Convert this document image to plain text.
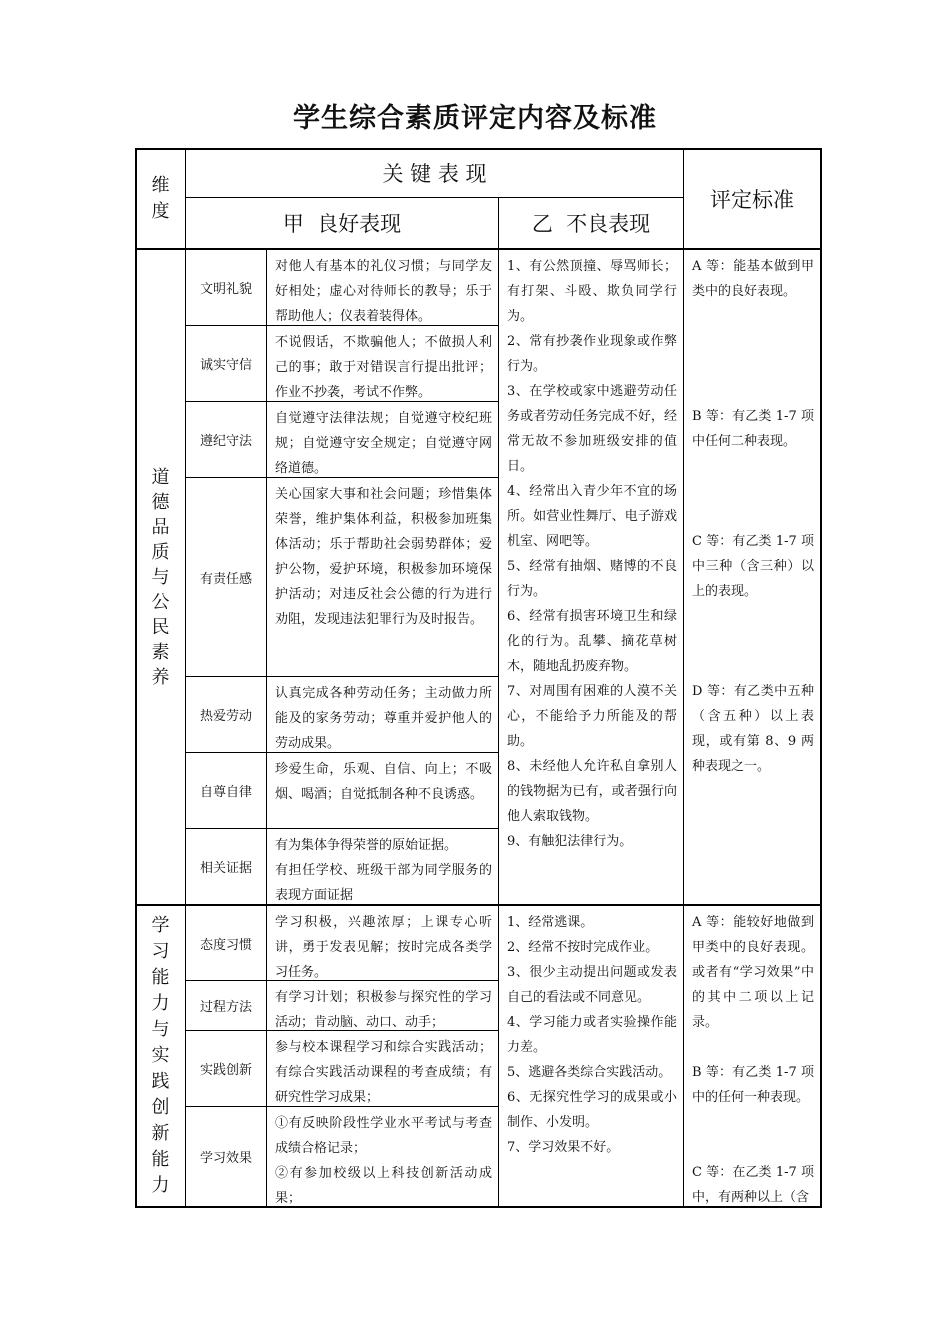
学生综合素质评定内容及标准
维
度
关 键 表 现
甲  良好表现	乙  不良表现
评定标准
道
德
品
质
与
公
民
素
养
文明礼貌
对他人有基本的礼仪习惯；与同学友好相处；虚心对待师长的教导；乐于帮助他人；仪表着装得体。
诚实守信
不说假话，不欺骗他人；不做损人利己的事；敢于对错误言行提出批评；作业不抄袭，考试不作弊。
遵纪守法
自觉遵守法律法规；自觉遵守校纪班规；自觉遵守安全规定；自觉遵守网络道德。
有责任感
关心国家大事和社会问题；珍惜集体荣誉，维护集体利益，积极参加班集体活动；乐于帮助社会弱势群体；爱护公物，爱护环境，积极参加环境保护活动；对违反社会公德的行为进行劝阻，发现违法犯罪行为及时报告。
热爱劳动
认真完成各种劳动任务；主动做力所能及的家务劳动；尊重并爱护他人的劳动成果。
自尊自律
珍爱生命，乐观、自信、向上；不吸烟、喝酒；自觉抵制各种不良诱惑。
相关证据
有为集体争得荣誉的原始证据。
有担任学校、班级干部为同学服务的表现方面证据

1、有公然顶撞、辱骂师长；有打架、斗殴、欺负同学行为。

2、常有抄袭作业现象或作弊行为。

3、在学校或家中逃避劳动任务或者劳动任务完成不好，经常无故不参加班级安排的值日。

4、经常出入青少年不宜的场所。如营业性舞厅、电子游戏机室、网吧等。

5、经常有抽烟、赌博的不良行为。

6、经常有损害环境卫生和绿化的行为。乱攀、摘花草树木，随地乱扔废弃物。

7、对周围有困难的人漠不关心，不能给予力所能及的帮助。

8、未经他人允许私自拿别人的钱物据为已有，或者强行向他人索取钱物。

9、有触犯法律行为。

A 等：能基本做到甲类中的良好表现。

B 等：有乙类 1-7 项中任何二种表现。

C 等：有乙类 1-7 项中三种（含三种）以上的表现。

D 等：有乙类中五种（含五种）以上表现，或有第 8、9 两种表现之一。

学
习
能
力
与
实
践
创
新
能
力
态度习惯
学习积极，兴趣浓厚；上课专心听讲，勇于发表见解；按时完成各类学习任务。
过程方法
有学习计划；积极参与探究性的学习活动；肯动脑、动口、动手；
实践创新
参与校本课程学习和综合实践活动；有综合实践活动课程的考查成绩；有研究性学习成果；
学习效果
①有反映阶段性学业水平考试与考查成绩合格记录；
②有参加校级以上科技创新活动成果；

1、经常逃课。

2、经常不按时完成作业。

3、很少主动提出问题或发表自己的看法或不同意见。

4、学习能力或者实验操作能力差。

5、逃避各类综合实践活动。

6、无探究性学习的成果或小制作、小发明。

7、学习效果不好。

A 等：能较好地做到甲类中的良好表现。或者有“学习效果”中的其中二项以上记录。

B 等：有乙类 1-7 项中的任何一种表现。

C 等：在乙类 1-7 项中，有两种以上（含
